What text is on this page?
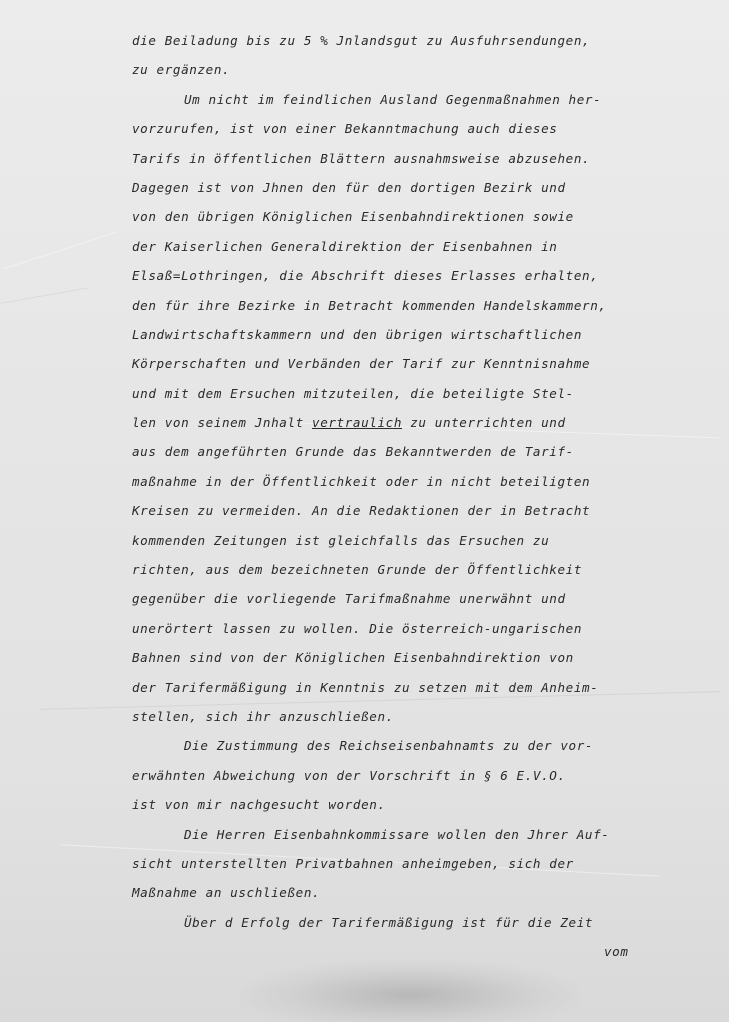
die Beiladung bis zu 5 % Jnlandsgut zu Ausfuhrsendungen,
zu ergänzen.
Um nicht im feindlichen Ausland Gegenmaßnahmen her-
vorzurufen, ist von einer Bekanntmachung auch dieses
Tarifs in öffentlichen Blättern ausnahmsweise abzusehen.
Dagegen ist von Jhnen den für den dortigen Bezirk und
von den übrigen Königlichen Eisenbahndirektionen sowie
der Kaiserlichen Generaldirektion der Eisenbahnen in
Elsaß=Lothringen, die Abschrift dieses Erlasses erhalten,
den für ihre Bezirke in Betracht kommenden Handelskammern,
Landwirtschaftskammern und den übrigen wirtschaftlichen
Körperschaften und Verbänden der Tarif zur Kenntnisnahme
und mit dem Ersuchen mitzuteilen, die beteiligte Stel-
len von seinem Jnhalt vertraulich zu unterrichten und
aus dem angeführten Grunde das Bekanntwerden de Tarif-
maßnahme in der Öffentlichkeit oder in nicht beteiligten
Kreisen zu vermeiden. An die Redaktionen der in Betracht
kommenden Zeitungen ist gleichfalls das Ersuchen zu
richten, aus dem bezeichneten Grunde der Öffentlichkeit
gegenüber die vorliegende Tarifmaßnahme unerwähnt und
unerörtert lassen zu wollen. Die österreich-ungarischen
Bahnen sind von der Königlichen Eisenbahndirektion von
der Tarifermäßigung in Kenntnis zu setzen mit dem Anheim-
stellen, sich ihr anzuschließen.
Die Zustimmung des Reichseisenbahnamts zu der vor-
erwähnten Abweichung von der Vorschrift in § 6 E.V.O.
ist von mir nachgesucht worden.
Die Herren Eisenbahnkommissare wollen den Jhrer Auf-
sicht unterstellten Privatbahnen anheimgeben, sich der
Maßnahme an uschließen.
Über d Erfolg der Tarifermäßigung ist für die Zeit
vom
